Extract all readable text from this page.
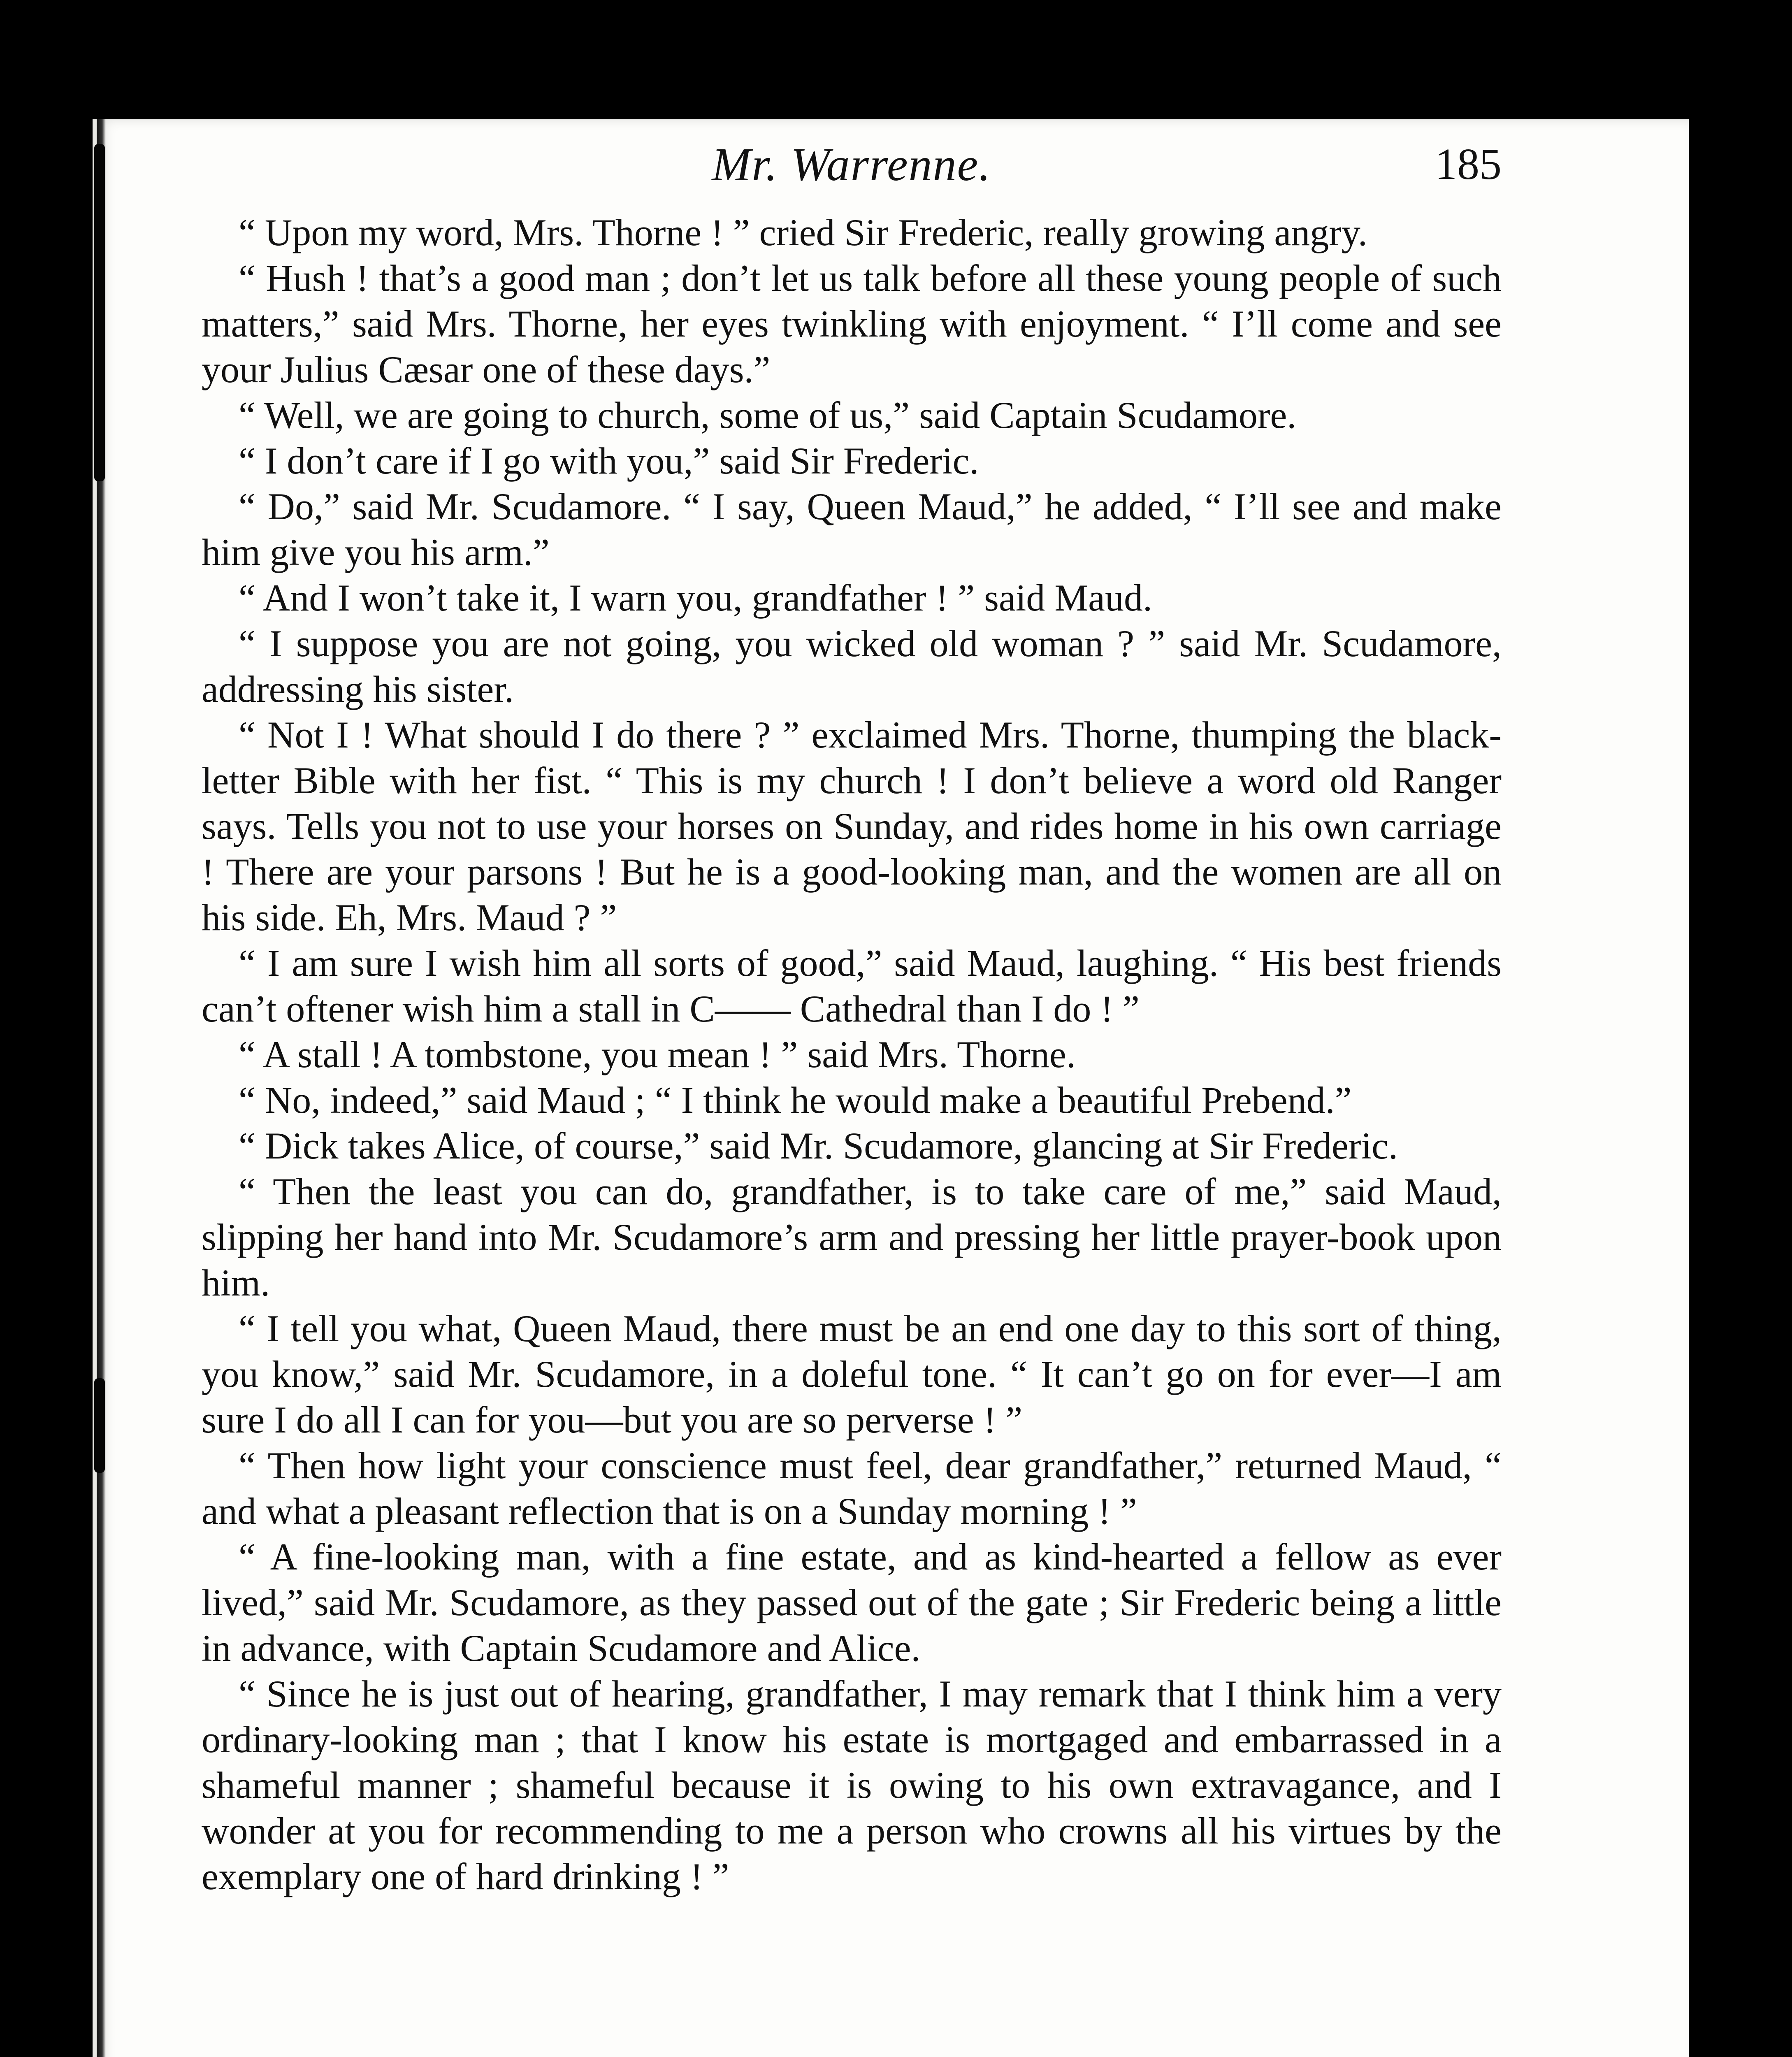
Mr. Warrenne.	185

“ Upon my word, Mrs. Thorne ! ” cried Sir Frederic, really growing angry.

“ Hush ! that’s a good man ; don’t let us talk before all these young people of such matters,” said Mrs. Thorne, her eyes twinkling with enjoyment. “ I’ll come and see your Julius Cæsar one of these days.”

“ Well, we are going to church, some of us,” said Captain Scudamore.

“ I don’t care if I go with you,” said Sir Frederic.

“ Do,” said Mr. Scudamore. “ I say, Queen Maud,” he added, “ I’ll see and make him give you his arm.”

“ And I won’t take it, I warn you, grandfather ! ” said Maud.

“ I suppose you are not going, you wicked old woman ? ” said Mr. Scudamore, addressing his sister.

“ Not I ! What should I do there ? ” exclaimed Mrs. Thorne, thumping the black-letter Bible with her fist. “ This is my church ! I don’t believe a word old Ranger says. Tells you not to use your horses on Sunday, and rides home in his own carriage ! There are your parsons ! But he is a good-looking man, and the women are all on his side. Eh, Mrs. Maud ? ”

“ I am sure I wish him all sorts of good,” said Maud, laughing. “ His best friends can’t oftener wish him a stall in C—— Cathedral than I do ! ”

“ A stall ! A tombstone, you mean ! ” said Mrs. Thorne.

“ No, indeed,” said Maud ; “ I think he would make a beautiful Prebend.”

“ Dick takes Alice, of course,” said Mr. Scudamore, glancing at Sir Frederic.

“ Then the least you can do, grandfather, is to take care of me,” said Maud, slipping her hand into Mr. Scudamore’s arm and pressing her little prayer-book upon him.

“ I tell you what, Queen Maud, there must be an end one day to this sort of thing, you know,” said Mr. Scudamore, in a doleful tone. “ It can’t go on for ever—I am sure I do all I can for you—but you are so perverse ! ”

“ Then how light your conscience must feel, dear grandfather,” returned Maud, “ and what a pleasant reflection that is on a Sunday morning ! ”

“ A fine-looking man, with a fine estate, and as kind-hearted a fellow as ever lived,” said Mr. Scudamore, as they passed out of the gate ; Sir Frederic being a little in advance, with Captain Scudamore and Alice.

“ Since he is just out of hearing, grandfather, I may remark that I think him a very ordinary-looking man ; that I know his estate is mortgaged and embarrassed in a shameful manner ; shameful because it is owing to his own extravagance, and I wonder at you for recommending to me a person who crowns all his virtues by the exemplary one of hard drinking ! ”
